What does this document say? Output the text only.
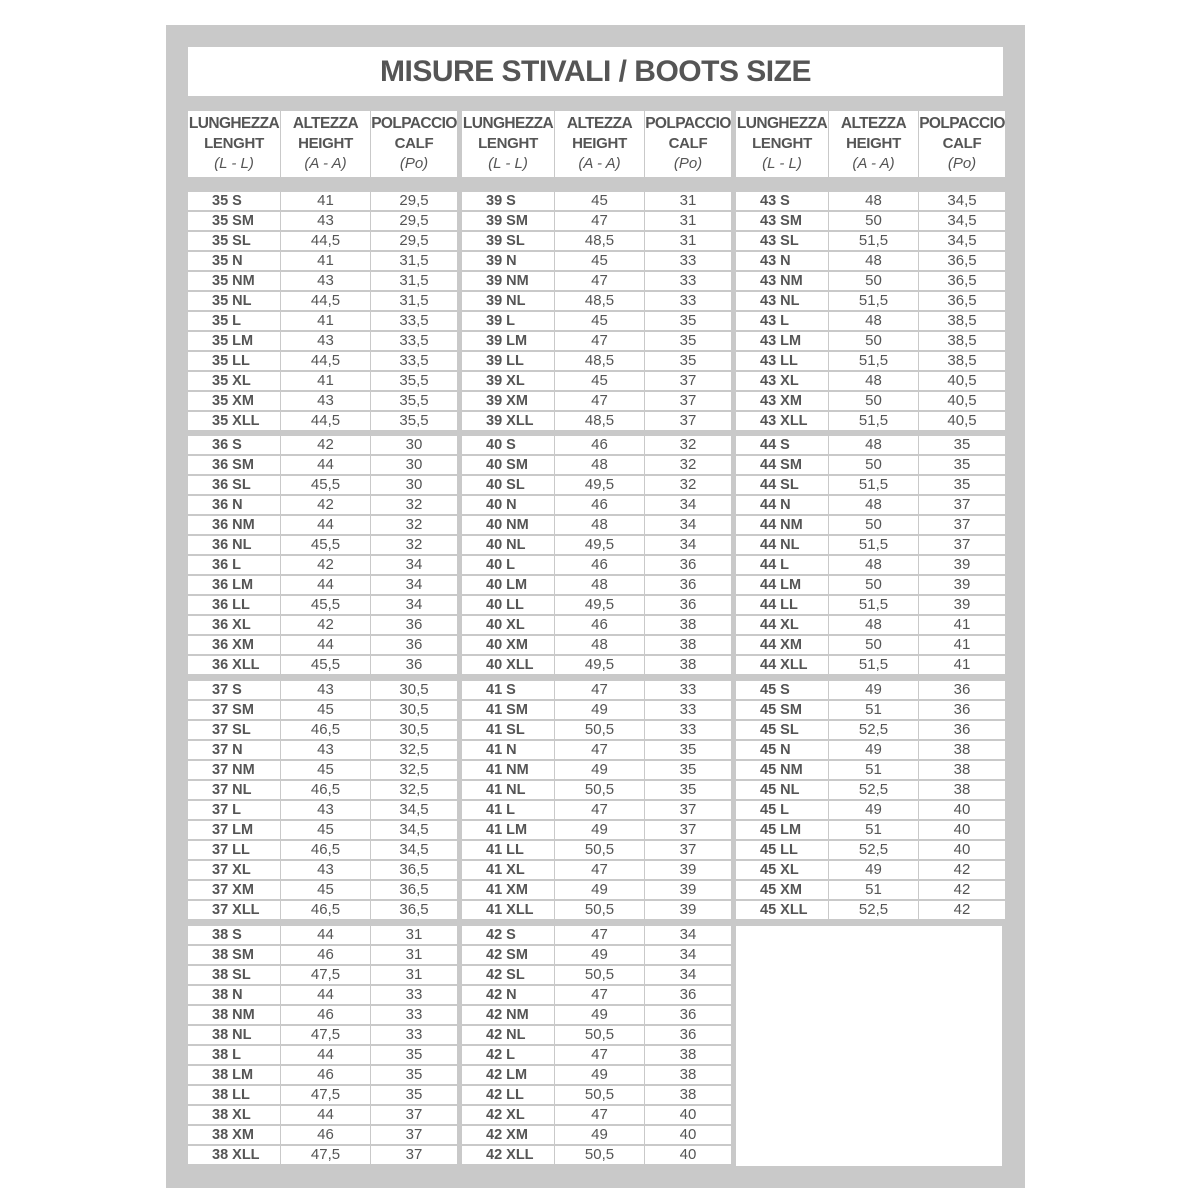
MISURE STIVALI / BOOTS SIZE
LUNGHEZZA
LENGHT
(L - L)
ALTEZZA
HEIGHT
(A - A)
POLPACCIO
CALF
(Po)
LUNGHEZZA
LENGHT
(L - L)
ALTEZZA
HEIGHT
(A - A)
POLPACCIO
CALF
(Po)
LUNGHEZZA
LENGHT
(L - L)
ALTEZZA
HEIGHT
(A - A)
POLPACCIO
CALF
(Po)
35 S	41	29,5
35 SM	43	29,5
35 SL	44,5	29,5
35 N	41	31,5
35 NM	43	31,5
35 NL	44,5	31,5
35 L	41	33,5
35 LM	43	33,5
35 LL	44,5	33,5
35 XL	41	35,5
35 XM	43	35,5
35 XLL	44,5	35,5
36 S	42	30
36 SM	44	30
36 SL	45,5	30
36 N	42	32
36 NM	44	32
36 NL	45,5	32
36 L	42	34
36 LM	44	34
36 LL	45,5	34
36 XL	42	36
36 XM	44	36
36 XLL	45,5	36
37 S	43	30,5
37 SM	45	30,5
37 SL	46,5	30,5
37 N	43	32,5
37 NM	45	32,5
37 NL	46,5	32,5
37 L	43	34,5
37 LM	45	34,5
37 LL	46,5	34,5
37 XL	43	36,5
37 XM	45	36,5
37 XLL	46,5	36,5
38 S	44	31
38 SM	46	31
38 SL	47,5	31
38 N	44	33
38 NM	46	33
38 NL	47,5	33
38 L	44	35
38 LM	46	35
38 LL	47,5	35
38 XL	44	37
38 XM	46	37
38 XLL	47,5	37
39 S	45	31
39 SM	47	31
39 SL	48,5	31
39 N	45	33
39 NM	47	33
39 NL	48,5	33
39 L	45	35
39 LM	47	35
39 LL	48,5	35
39 XL	45	37
39 XM	47	37
39 XLL	48,5	37
40 S	46	32
40 SM	48	32
40 SL	49,5	32
40 N	46	34
40 NM	48	34
40 NL	49,5	34
40 L	46	36
40 LM	48	36
40 LL	49,5	36
40 XL	46	38
40 XM	48	38
40 XLL	49,5	38
41 S	47	33
41 SM	49	33
41 SL	50,5	33
41 N	47	35
41 NM	49	35
41 NL	50,5	35
41 L	47	37
41 LM	49	37
41 LL	50,5	37
41 XL	47	39
41 XM	49	39
41 XLL	50,5	39
42 S	47	34
42 SM	49	34
42 SL	50,5	34
42 N	47	36
42 NM	49	36
42 NL	50,5	36
42 L	47	38
42 LM	49	38
42 LL	50,5	38
42 XL	47	40
42 XM	49	40
42 XLL	50,5	40
43 S	48	34,5
43 SM	50	34,5
43 SL	51,5	34,5
43 N	48	36,5
43 NM	50	36,5
43 NL	51,5	36,5
43 L	48	38,5
43 LM	50	38,5
43 LL	51,5	38,5
43 XL	48	40,5
43 XM	50	40,5
43 XLL	51,5	40,5
44 S	48	35
44 SM	50	35
44 SL	51,5	35
44 N	48	37
44 NM	50	37
44 NL	51,5	37
44 L	48	39
44 LM	50	39
44 LL	51,5	39
44 XL	48	41
44 XM	50	41
44 XLL	51,5	41
45 S	49	36
45 SM	51	36
45 SL	52,5	36
45 N	49	38
45 NM	51	38
45 NL	52,5	38
45 L	49	40
45 LM	51	40
45 LL	52,5	40
45 XL	49	42
45 XM	51	42
45 XLL	52,5	42
